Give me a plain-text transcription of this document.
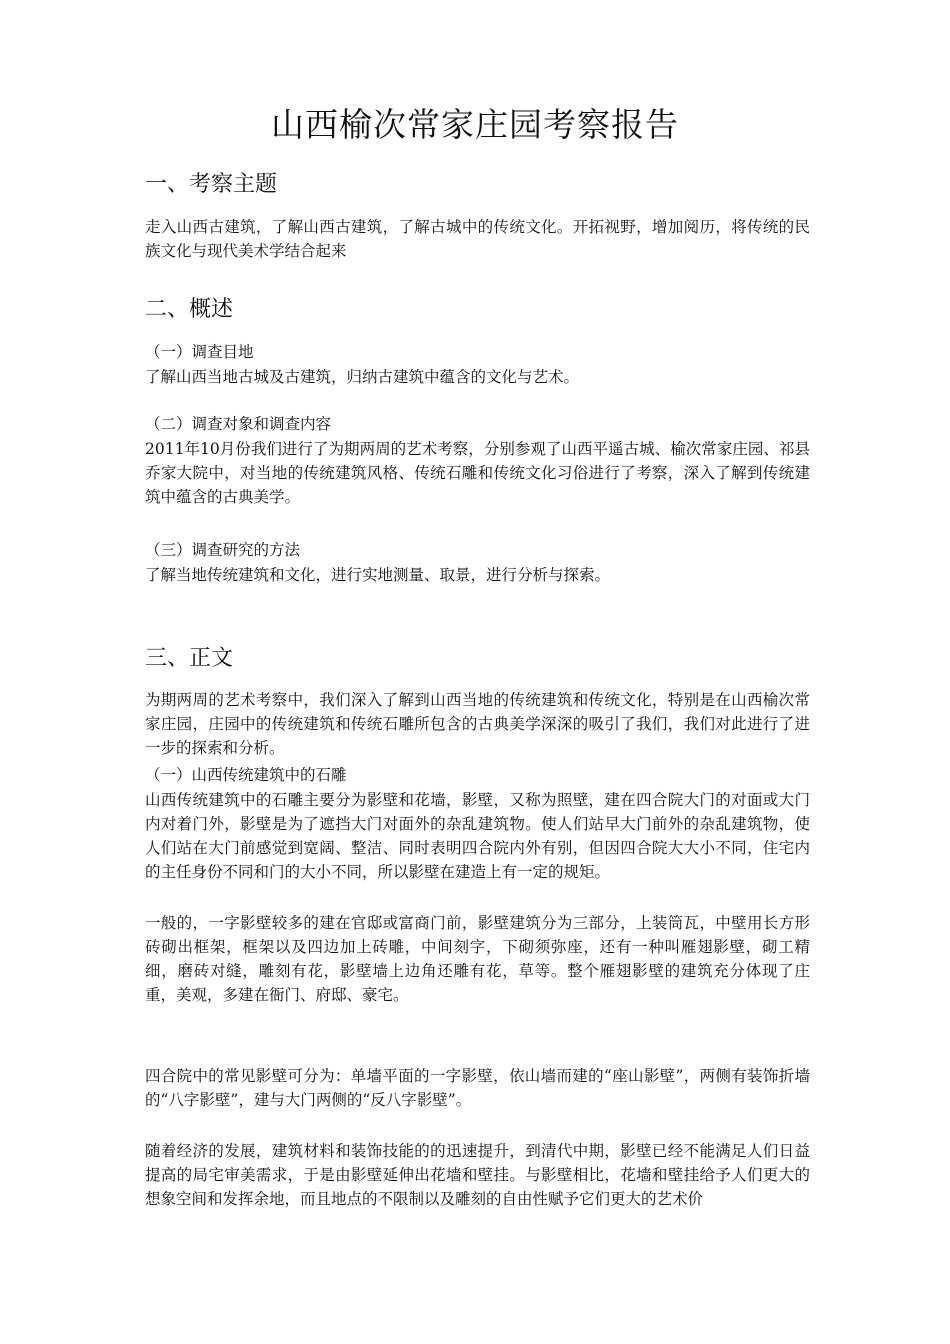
山西榆次常家庄园考察报告
一、考察主题
走入山西古建筑，了解山西古建筑，了解古城中的传统文化。开拓视野，增加阅历，将传统的民族文化与现代美术学结合起来
二、概述
（一）调查目地
了解山西当地古城及古建筑，归纳古建筑中蕴含的文化与艺术。
（二）调查对象和调查内容
2011年10月份我们进行了为期两周的艺术考察，分别参观了山西平遥古城、榆次常家庄园、祁县乔家大院中，对当地的传统建筑风格、传统石雕和传统文化习俗进行了考察，深入了解到传统建筑中蕴含的古典美学。
（三）调查研究的方法
了解当地传统建筑和文化，进行实地测量、取景，进行分析与探索。
三、正文
为期两周的艺术考察中，我们深入了解到山西当地的传统建筑和传统文化，特别是在山西榆次常家庄园，庄园中的传统建筑和传统石雕所包含的古典美学深深的吸引了我们，我们对此进行了进一步的探索和分析。
（一）山西传统建筑中的石雕
山西传统建筑中的石雕主要分为影壁和花墙，影壁，又称为照壁，建在四合院大门的对面或大门内对着门外，影壁是为了遮挡大门对面外的杂乱建筑物。使人们站早大门前外的杂乱建筑物，使人们站在大门前感觉到宽阔、整洁、同时表明四合院内外有别，但因四合院大大小不同，住宅内的主任身份不同和门的大小不同，所以影壁在建造上有一定的规矩。
一般的，一字影壁较多的建在官邸或富商门前，影壁建筑分为三部分，上装筒瓦，中壁用长方形砖砌出框架，框架以及四边加上砖雕，中间刻字，下砌须弥座，还有一种叫雁翅影壁，砌工精细，磨砖对缝，雕刻有花，影壁墙上边角还雕有花，草等。整个雁翅影壁的建筑充分体现了庄重，美观，多建在衙门、府邸、豪宅。
四合院中的常见影壁可分为：单墙平面的一字影壁，依山墙而建的“座山影壁”，两侧有装饰折墙的“八字影壁”，建与大门两侧的“反八字影壁”。
随着经济的发展，建筑材料和装饰技能的的迅速提升，到清代中期，影壁已经不能满足人们日益提高的局宅审美需求，于是由影壁延伸出花墙和壁挂。与影壁相比，花墙和壁挂给予人们更大的想象空间和发挥余地，而且地点的不限制以及雕刻的自由性赋予它们更大的艺术价
